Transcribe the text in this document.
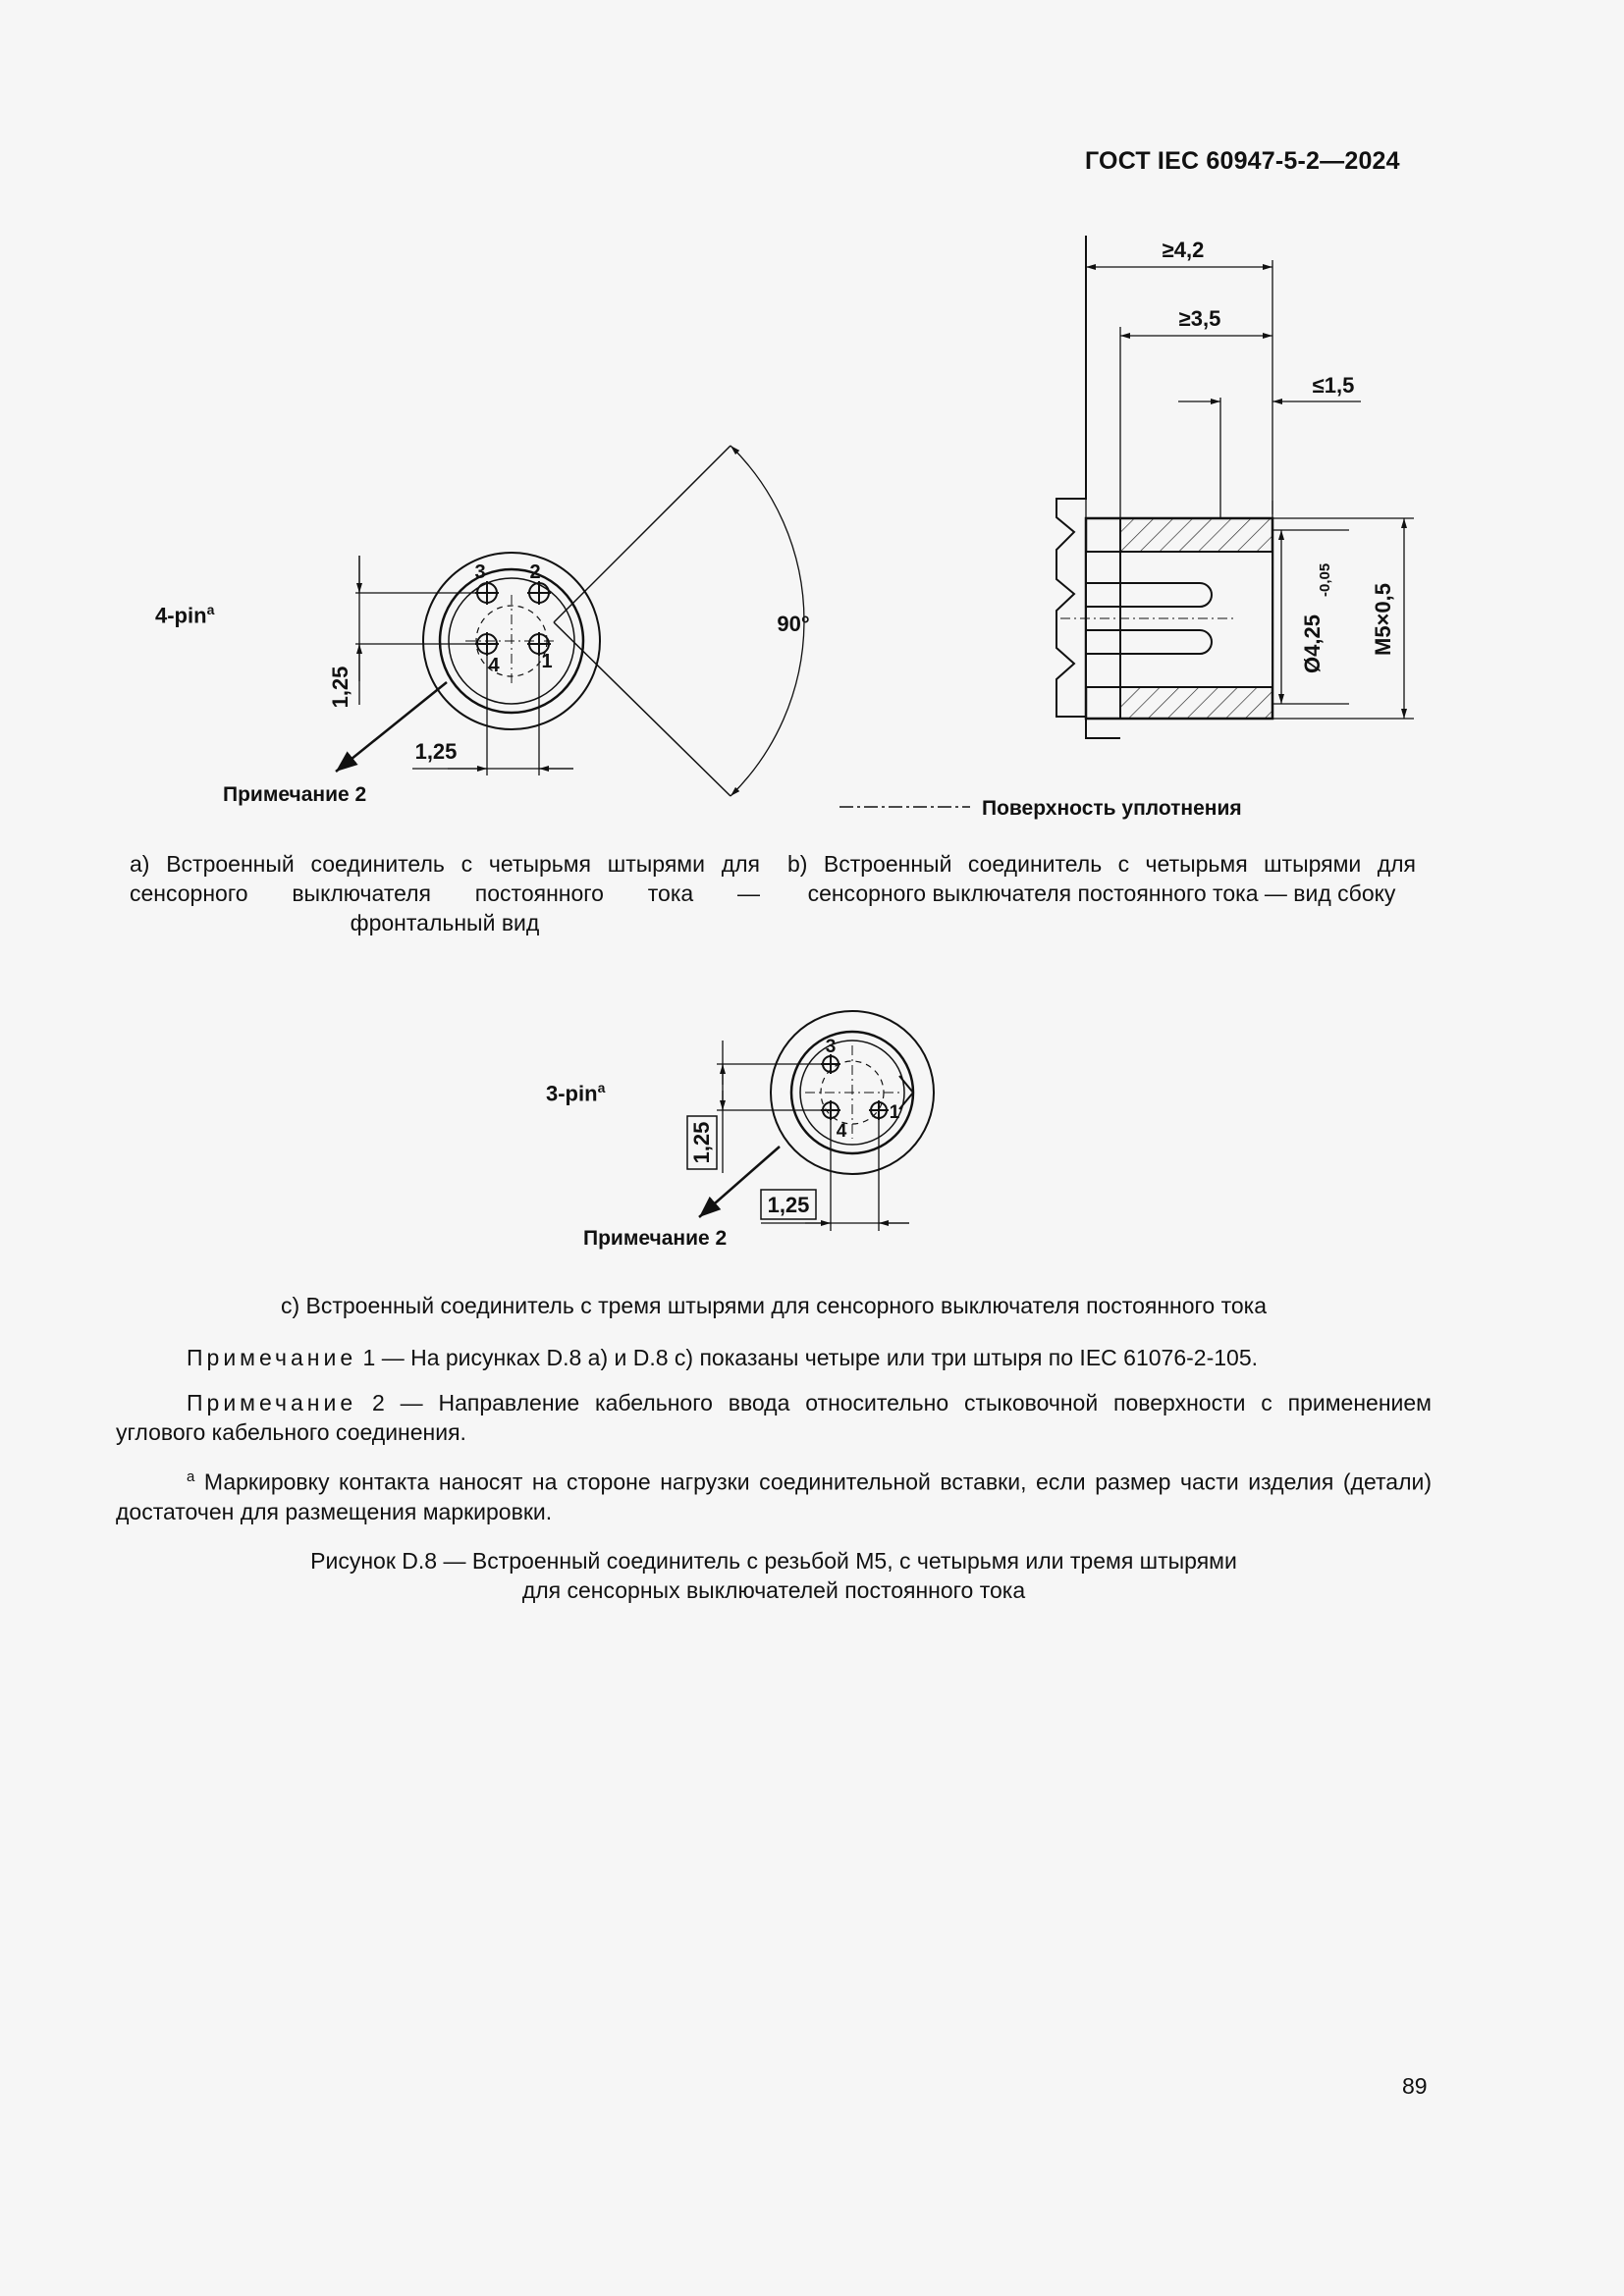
ГОСТ IEC 60947-5-2—2024
3 2
4 1
1,25
1,25
90°
≥4,2
≥3,5
≤1,5
Ø4,25
-0,05
M5×0,5
Поверхность уплотнения
3
4
1
1,25
1,25
4-pin$^a$
Примечание 2
3-pin$^a$
Примечание 2
а) Встроенный соединитель с четырьмя штырями для сенсорного выключателя постоянного тока — фронтальный вид
b) Встроенный соединитель с четырьмя штырями для сенсорного выключателя постоянного тока — вид сбоку
c) Встроенный соединитель с тремя штырями для сенсорного выключателя постоянного тока
Примечание 1 — На рисунках D.8 а) и D.8 с) показаны четыре или три штыря по IEC 61076-2-105.
Примечание 2 — Направление кабельного ввода относительно стыковочной поверхности с применением углового кабельного соединения.
$^a$ Маркировку контакта наносят на стороне нагрузки соединительной вставки, если размер части изделия (детали) достаточен для размещения маркировки.
Рисунок D.8 — Встроенный соединитель с резьбой М5, с четырьмя или тремя штырями
для сенсорных выключателей постоянного тока
89
